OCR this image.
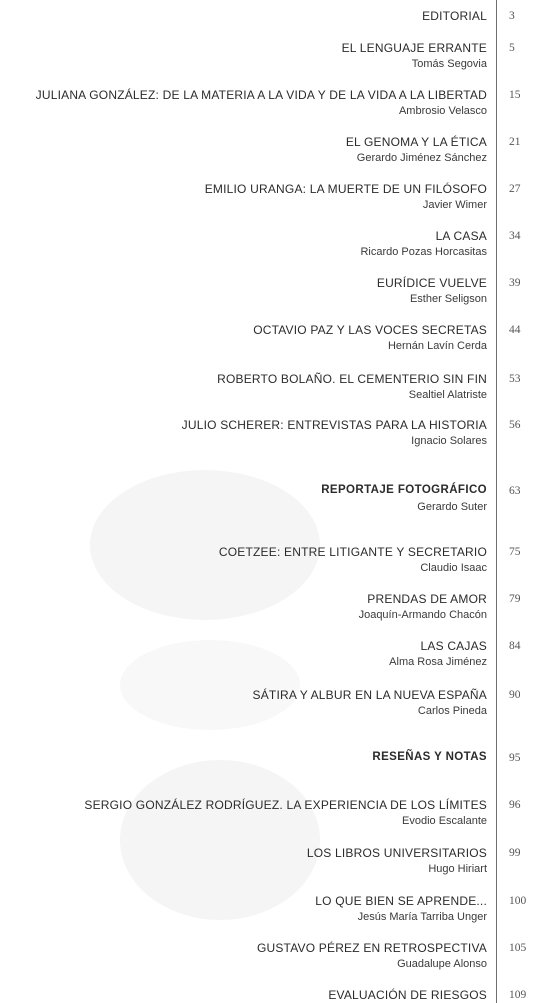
EDITORIAL 3
EL LENGUAJE ERRANTE
Tomás Segovia
5
JULIANA GONZÁLEZ: DE LA MATERIA A LA VIDA Y DE LA VIDA A LA LIBERTAD
Ambrosio Velasco
15
EL GENOMA Y LA ÉTICA
Gerardo Jiménez Sánchez
21
EMILIO URANGA: LA MUERTE DE UN FILÓSOFO
Javier Wimer
27
LA CASA
Ricardo Pozas Horcasitas
34
EURÍDICE VUELVE
Esther Seligson
39
OCTAVIO PAZ Y LAS VOCES SECRETAS
Hernán Lavín Cerda
44
ROBERTO BOLAÑO. EL CEMENTERIO SIN FIN
Sealtiel Alatriste
53
JULIO SCHERER: ENTREVISTAS PARA LA HISTORIA
Ignacio Solares
56
REPORTAJE FOTOGRÁFICO
Gerardo Suter
63
COETZEE: ENTRE LITIGANTE Y SECRETARIO
Claudio Isaac
75
PRENDAS DE AMOR
Joaquín-Armando Chacón
79
LAS CAJAS
Alma Rosa Jiménez
84
SÁTIRA Y ALBUR EN LA NUEVA ESPAÑA
Carlos Pineda
90
RESEÑAS Y NOTAS 95
SERGIO GONZÁLEZ RODRÍGUEZ. LA EXPERIENCIA DE LOS LÍMITES
Evodio Escalante
96
LOS LIBROS UNIVERSITARIOS
Hugo Hiriart
99
LO QUE BIEN SE APRENDE...
Jesús María Tarriba Unger
100
GUSTAVO PÉREZ EN RETROSPECTIVA
Guadalupe Alonso
105
EVALUACIÓN DE RIESGOS 109
